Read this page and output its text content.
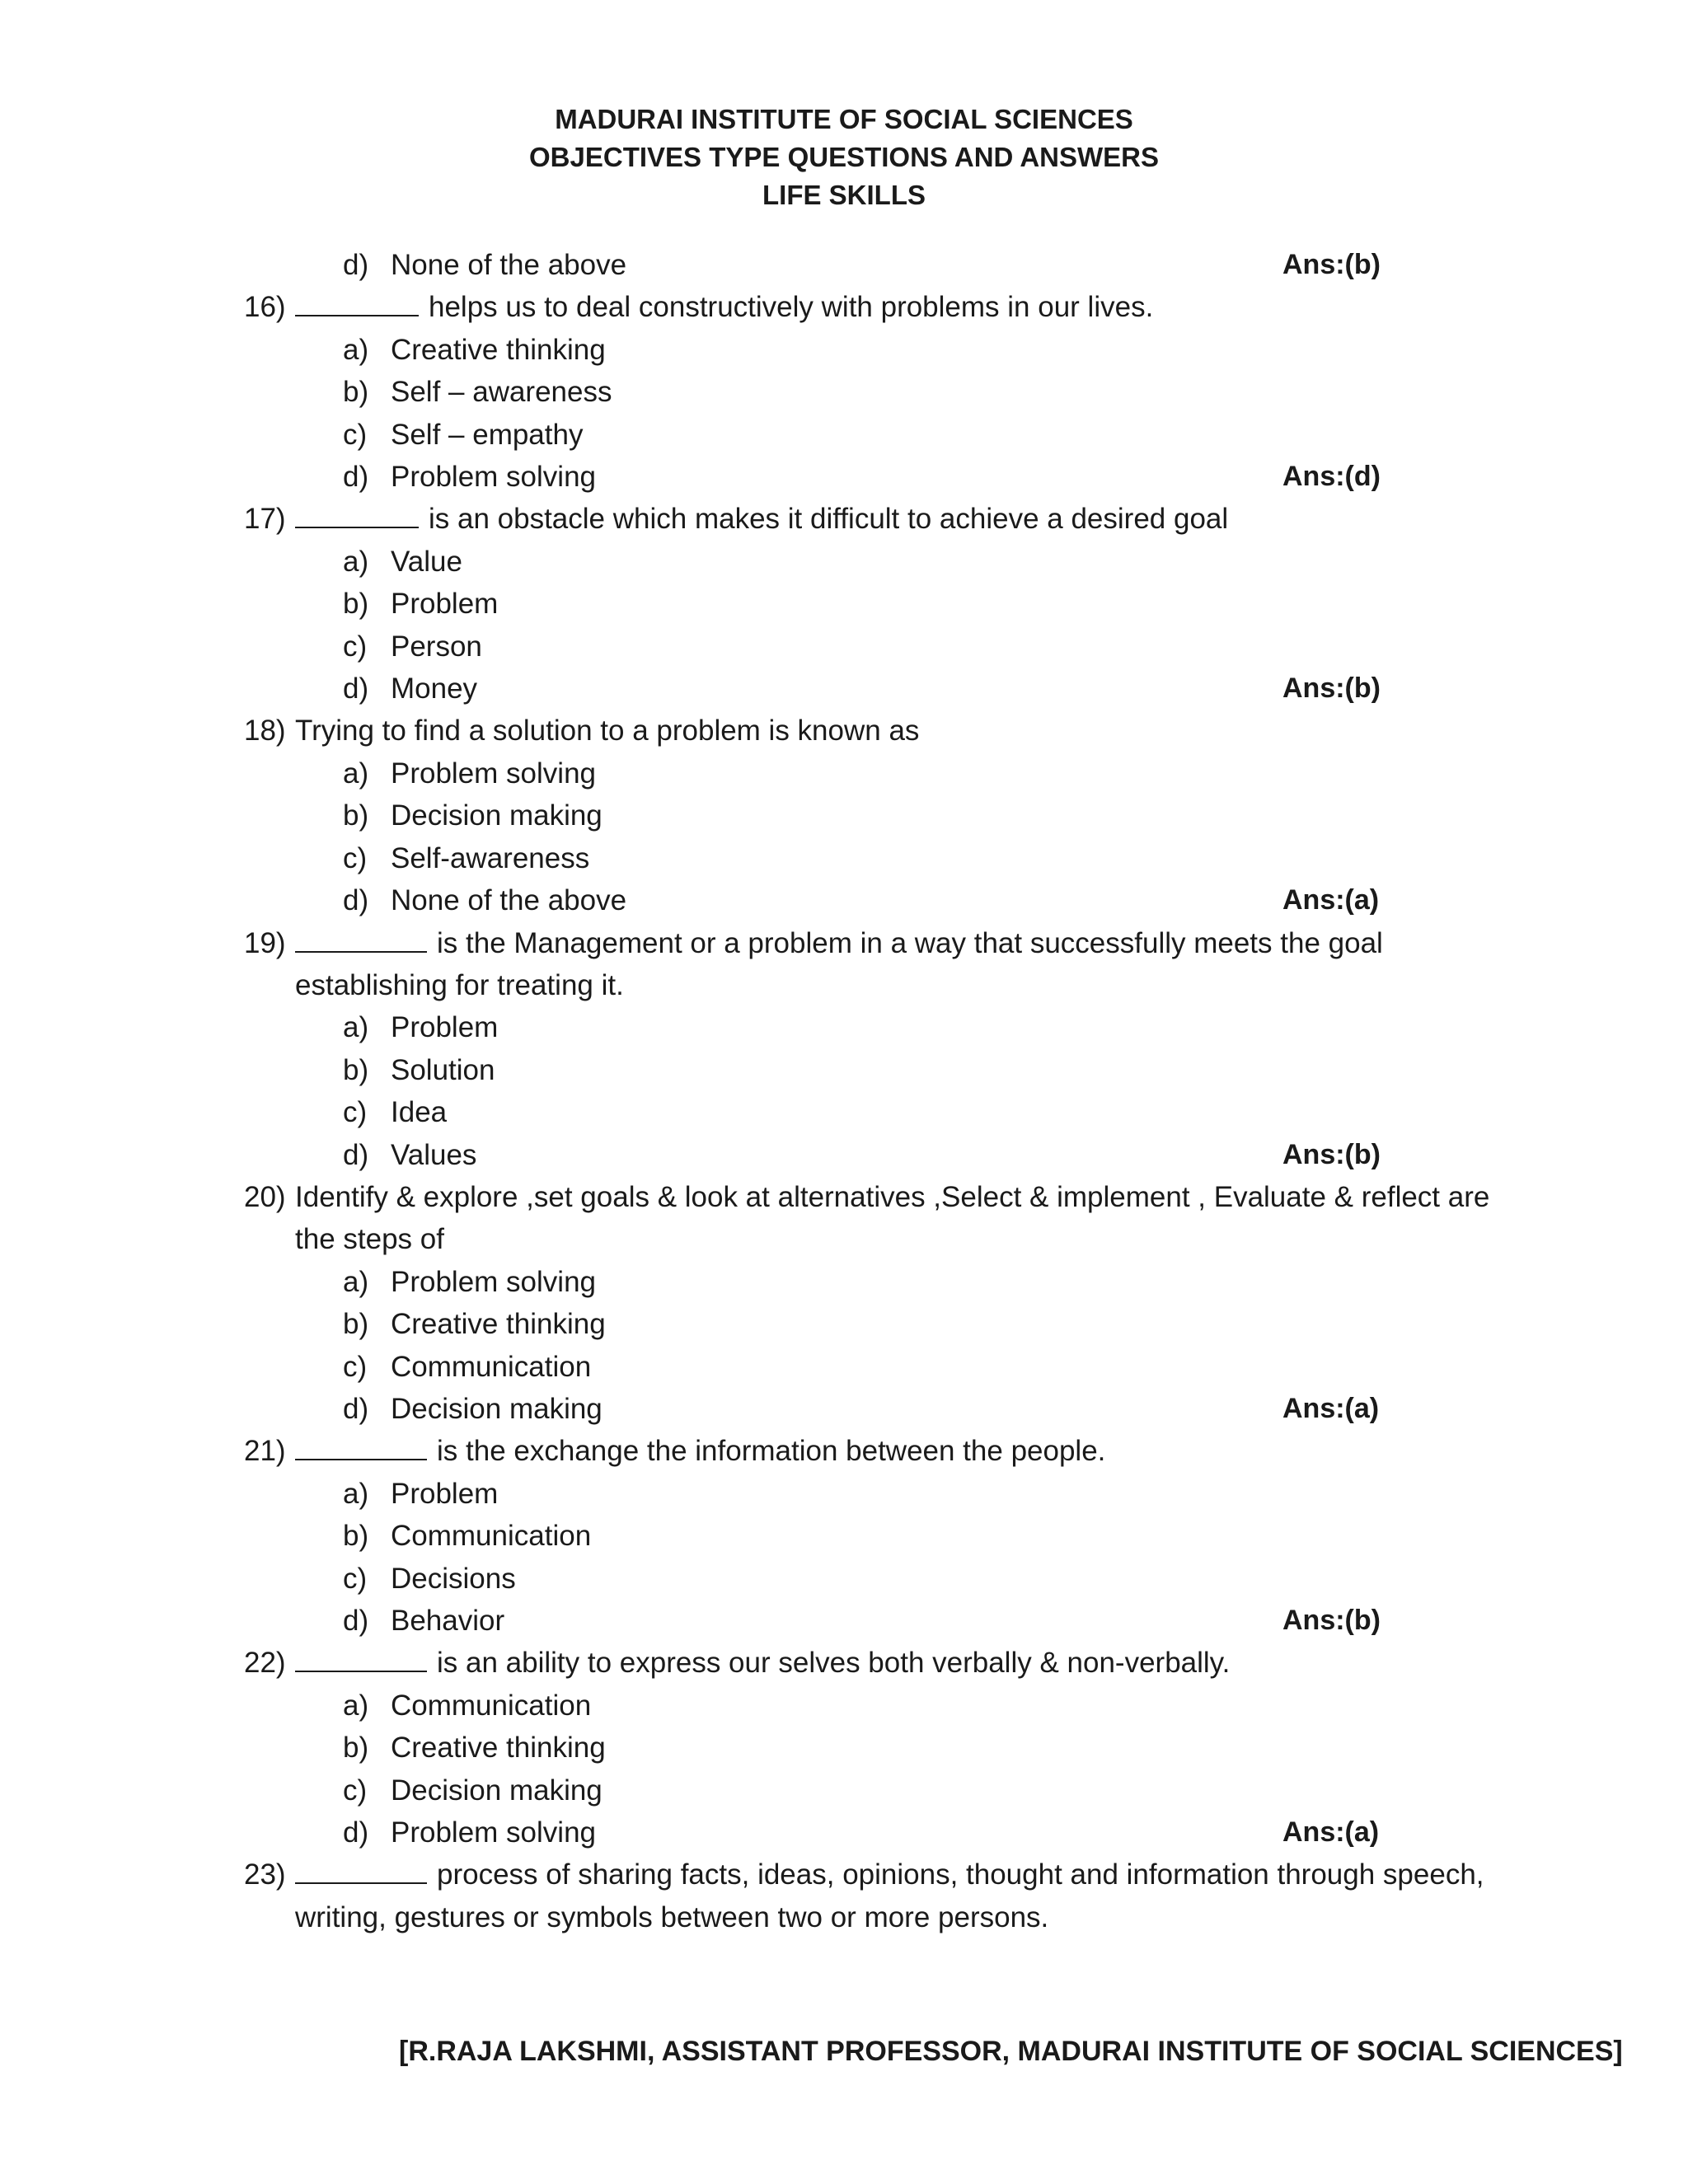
MADURAI INSTITUTE OF SOCIAL SCIENCES
OBJECTIVES TYPE QUESTIONS AND ANSWERS
LIFE SKILLS
d) None of the above	Ans:(b)
16)	helps us to deal constructively with problems in our lives.
a) Creative thinking
b) Self – awareness
c) Self – empathy
d) Problem solving	Ans:(d)
17)	is an obstacle which makes it difficult to achieve a desired goal
a) Value
b) Problem
c) Person
d) Money	Ans:(b)
18) Trying to find a solution to a problem is known as
a) Problem solving
b) Decision making
c) Self-awareness
d) None of the above	Ans:(a)
19)	is the Management or a problem in a way that successfully meets the goal establishing for treating it.
a) Problem
b) Solution
c) Idea
d) Values	Ans:(b)
20) Identify & explore ,set goals & look at alternatives ,Select & implement , Evaluate & reflect are the steps of
a) Problem solving
b) Creative thinking
c) Communication
d) Decision making	Ans:(a)
21)	is the exchange the information between the people.
a) Problem
b) Communication
c) Decisions
d) Behavior	Ans:(b)
22)	is an ability to express our selves both verbally & non-verbally.
a) Communication
b) Creative thinking
c) Decision making
d) Problem solving	Ans:(a)
23)	process of sharing facts, ideas, opinions, thought and information through speech, writing, gestures or symbols between two or more persons.
[R.RAJA LAKSHMI, ASSISTANT PROFESSOR, MADURAI INSTITUTE OF SOCIAL SCIENCES]
